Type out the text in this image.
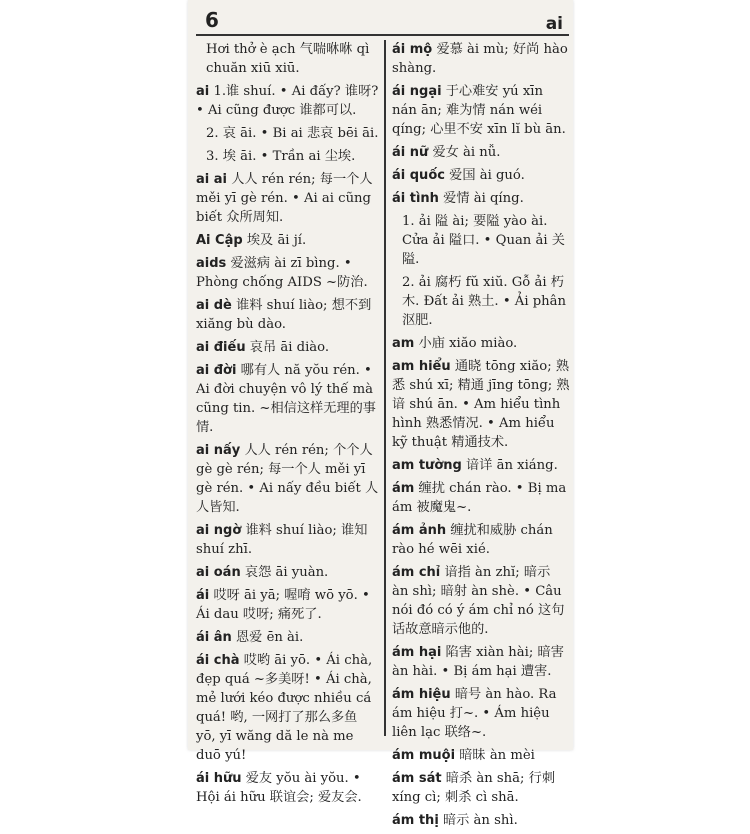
6	ai
Hơi thở è ạch 气喘咻咻 qì chuăn xiū xiū.
ai 1.谁 shuí. • Ai đấy? 谁呀? • Ai cũng được 谁都可以.
2. 哀 āi. • Bi ai 悲哀 bēi āi.
3. 埃 āi. • Trần ai 尘埃.
ai ai 人人 rén rén; 每一个人 měi yī gè rén. • Ai ai cũng biết 众所周知.
Ai Cập 埃及 āi jí.
aids 爱滋病 ài zī bìng. • Phòng chống AIDS ~防治.
ai dè 谁料 shuí liào; 想不到 xiăng bù dào.
ai điếu 哀吊 āi diào.
ai đời 哪有人 nă yŏu rén. • Ai đời chuyện vô lý thế mà cũng tin. ~相信这样无理的事情.
ai nấy 人人 rén rén; 个个人 gè gè rén; 每一个人 měi yī gè rén. • Ai nấy đều biết 人人皆知.
ai ngờ 谁料 shuí liào; 谁知 shuí zhī.
ai oán 哀怨 āi yuàn.
ái 哎呀 āi yā; 喔唷 wō yō. • Ái dau 哎呀; 痛死了.
ái ân 恩爱 ēn ài.
ái chà 哎哟 āi yō. • Ái chà, đẹp quá ~多美呀! • Ái chà, mẻ lưới kéo được nhiều cá quá! 哟, 一网打了那么多鱼 yō, yī wăng dă le nà me duō yú!
ái hữu 爱友 yŏu ài yŏu. • Hội ái hữu 联谊会; 爱友会.
ái mộ 爱慕 ài mù; 好尚 hào shàng.
ái ngại 于心难安 yú xīn nán ān; 难为情 nán wéi qíng; 心里不安 xīn lĭ bù ān.
ái nữ 爱女 ài nǚ.
ái quốc 爱国 ài guó.
ái tình 爱情 ài qíng.
1. ải 隘 ài; 要隘 yào ài. Cửa ải 隘口. • Quan ải 关隘.
2. ải 腐朽 fŭ xiŭ. Gỗ ải 朽木. Đất ải 熟土. • Ải phân 沤肥.
am 小庙 xiăo miào.
am hiểu 通晓 tōng xiăo; 熟悉 shú xī; 精通 jīng tōng; 熟谙 shú ān. • Am hiểu tình hình 熟悉情况. • Am hiểu kỹ thuật 精通技术.
am tường 谙详 ān xiáng.
ám 缠扰 chán rào. • Bị ma ám 被魔鬼~.
ám ảnh 缠扰和威胁 chán rào hé wēi xié.
ám chỉ 谙指 àn zhĭ; 暗示 àn shì; 暗射 àn shè. • Câu nói đó có ý ám chỉ nó 这句话故意暗示他的.
ám hại 陷害 xiàn hài; 暗害 àn hài. • Bị ám hại 遭害.
ám hiệu 暗号 àn hào. Ra ám hiệu 打~. • Ám hiệu liên lạc 联络~.
ám muội 暗昧 àn mèi
ám sát 暗杀 àn shā; 行刺 xíng cì; 刺杀 cì shā.
ám thị 暗示 àn shì.
